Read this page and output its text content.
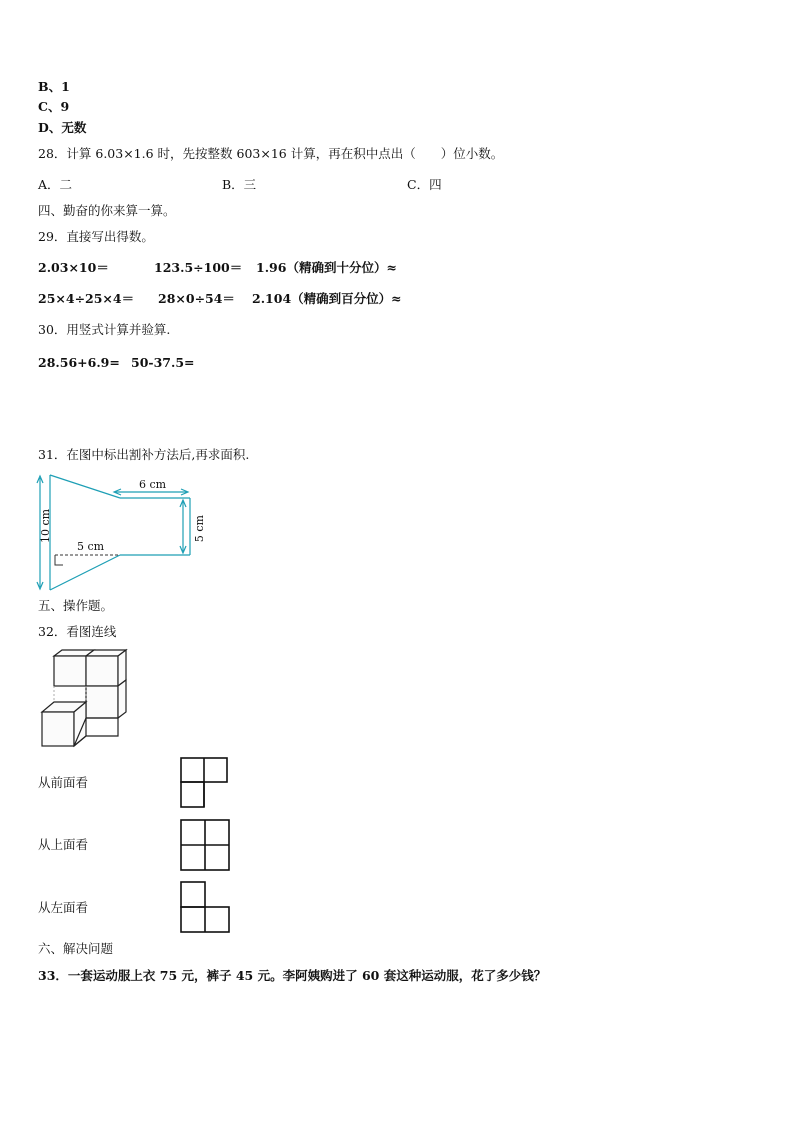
B、1
C、9
D、无数
28．计算 6.03×1.6 时，先按整数 603×16 计算，再在积中点出（　　）位小数。
A．二	B．三	C．四
四、勤奋的你来算一算。
29．直接写出得数。
2.03×10＝	123.5÷100＝ 1.96（精确到十分位）≈
25×4÷25×4＝ 28×0÷54＝ 2.104（精确到百分位）≈
30．用竖式计算并验算.
28.56+6.9= 50-37.5=
31．在图中标出割补方法后,再求面积.
6 cm
5 cm
5 cm
10 cm
五、操作题。
32．看图连线
从前面看
从上面看
从左面看
六、解决问题
33．一套运动服上衣 75 元，裤子 45 元。李阿姨购进了 60 套这种运动服，花了多少钱？
